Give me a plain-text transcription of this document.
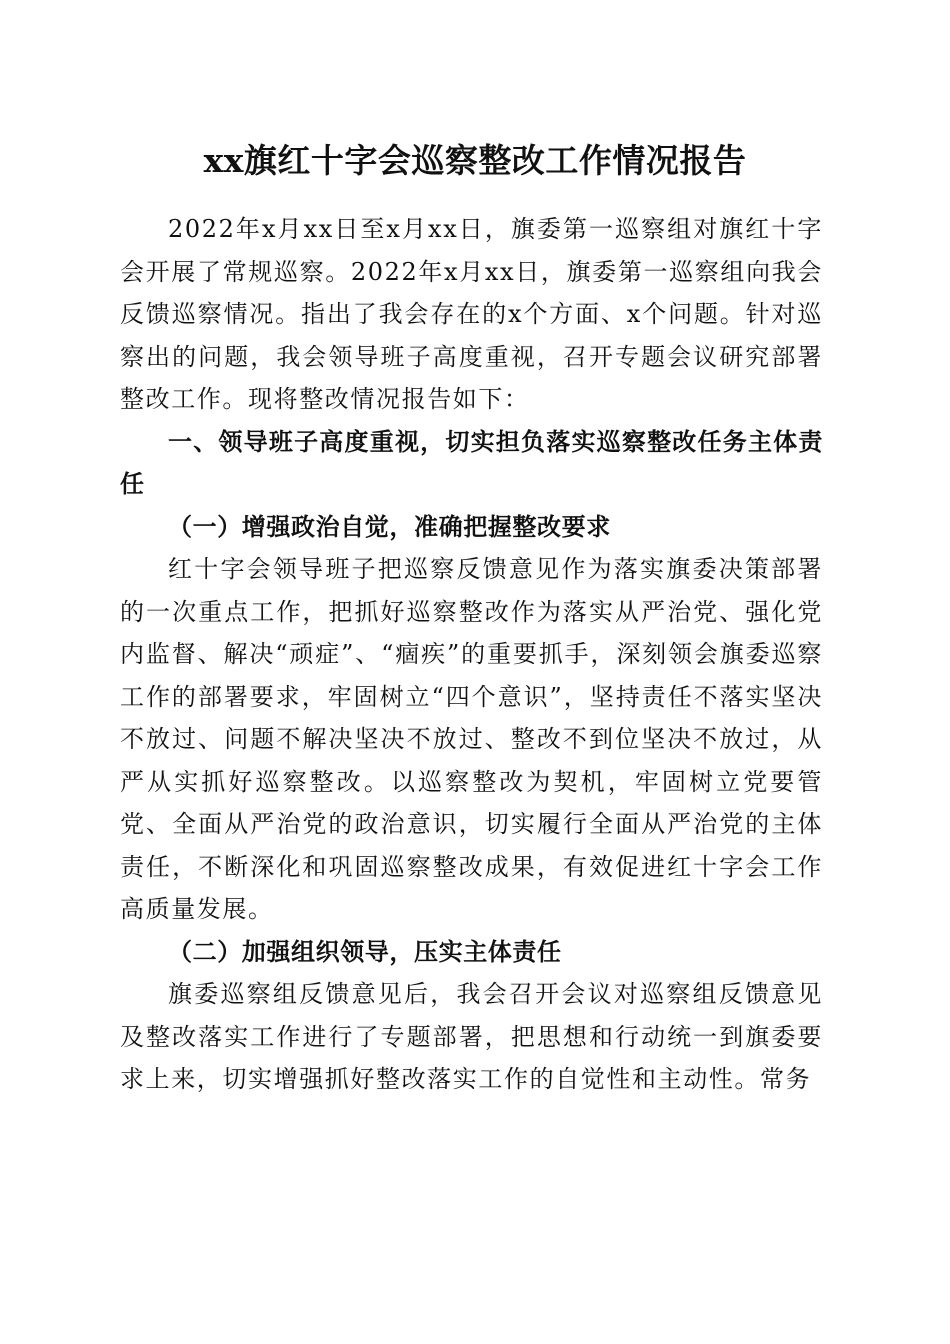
xx旗红十字会巡察整改工作情况报告

2022年x月xx日至x月xx日，旗委第一巡察组对旗红十字会开展了常规巡察。2022年x月xx日，旗委第一巡察组向我会反馈巡察情况。指出了我会存在的x个方面、x个问题。针对巡察出的问题，我会领导班子高度重视，召开专题会议研究部署整改工作。现将整改情况报告如下：

一、领导班子高度重视，切实担负落实巡察整改任务主体责任

（一）增强政治自觉，准确把握整改要求

红十字会领导班子把巡察反馈意见作为落实旗委决策部署的一次重点工作，把抓好巡察整改作为落实从严治党、强化党内监督、解决“顽症”、“痼疾”的重要抓手，深刻领会旗委巡察工作的部署要求，牢固树立“四个意识”，坚持责任不落实坚决不放过、问题不解决坚决不放过、整改不到位坚决不放过，从严从实抓好巡察整改。以巡察整改为契机，牢固树立党要管党、全面从严治党的政治意识，切实履行全面从严治党的主体责任，不断深化和巩固巡察整改成果，有效促进红十字会工作高质量发展。

（二）加强组织领导，压实主体责任

旗委巡察组反馈意见后，我会召开会议对巡察组反馈意见及整改落实工作进行了专题部署，把思想和行动统一到旗委要求上来，切实增强抓好整改落实工作的自觉性和主动性。常务
